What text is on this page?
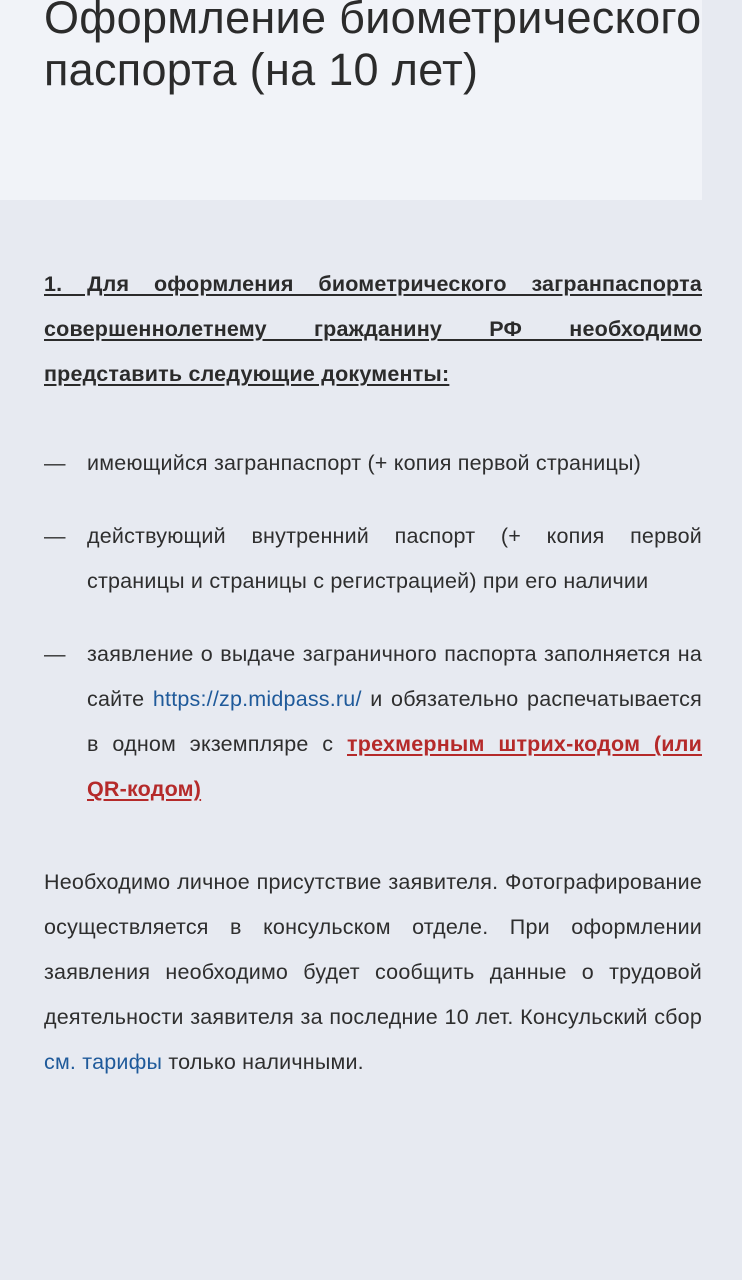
Оформление биометрического паспорта (на 10 лет)

1. Для оформления биометрического загранпаспорта совершеннолетнему гражданину РФ необходимо представить следующие документы:

— имеющийся загранпаспорт (+ копия первой страницы)
— действующий внутренний паспорт (+ копия первой страницы и страницы с регистрацией) при его наличии
— заявление о выдаче заграничного паспорта заполняется на сайте https://zp.midpass.ru/ и обязательно распечатывается в одном экземпляре с трехмерным штрих-кодом (или QR-кодом)

Необходимо личное присутствие заявителя. Фотографирование осуществляется в консульском отделе. При оформлении заявления необходимо будет сообщить данные о трудовой деятельности заявителя за последние 10 лет. Консульский сбор см. тарифы только наличными.
